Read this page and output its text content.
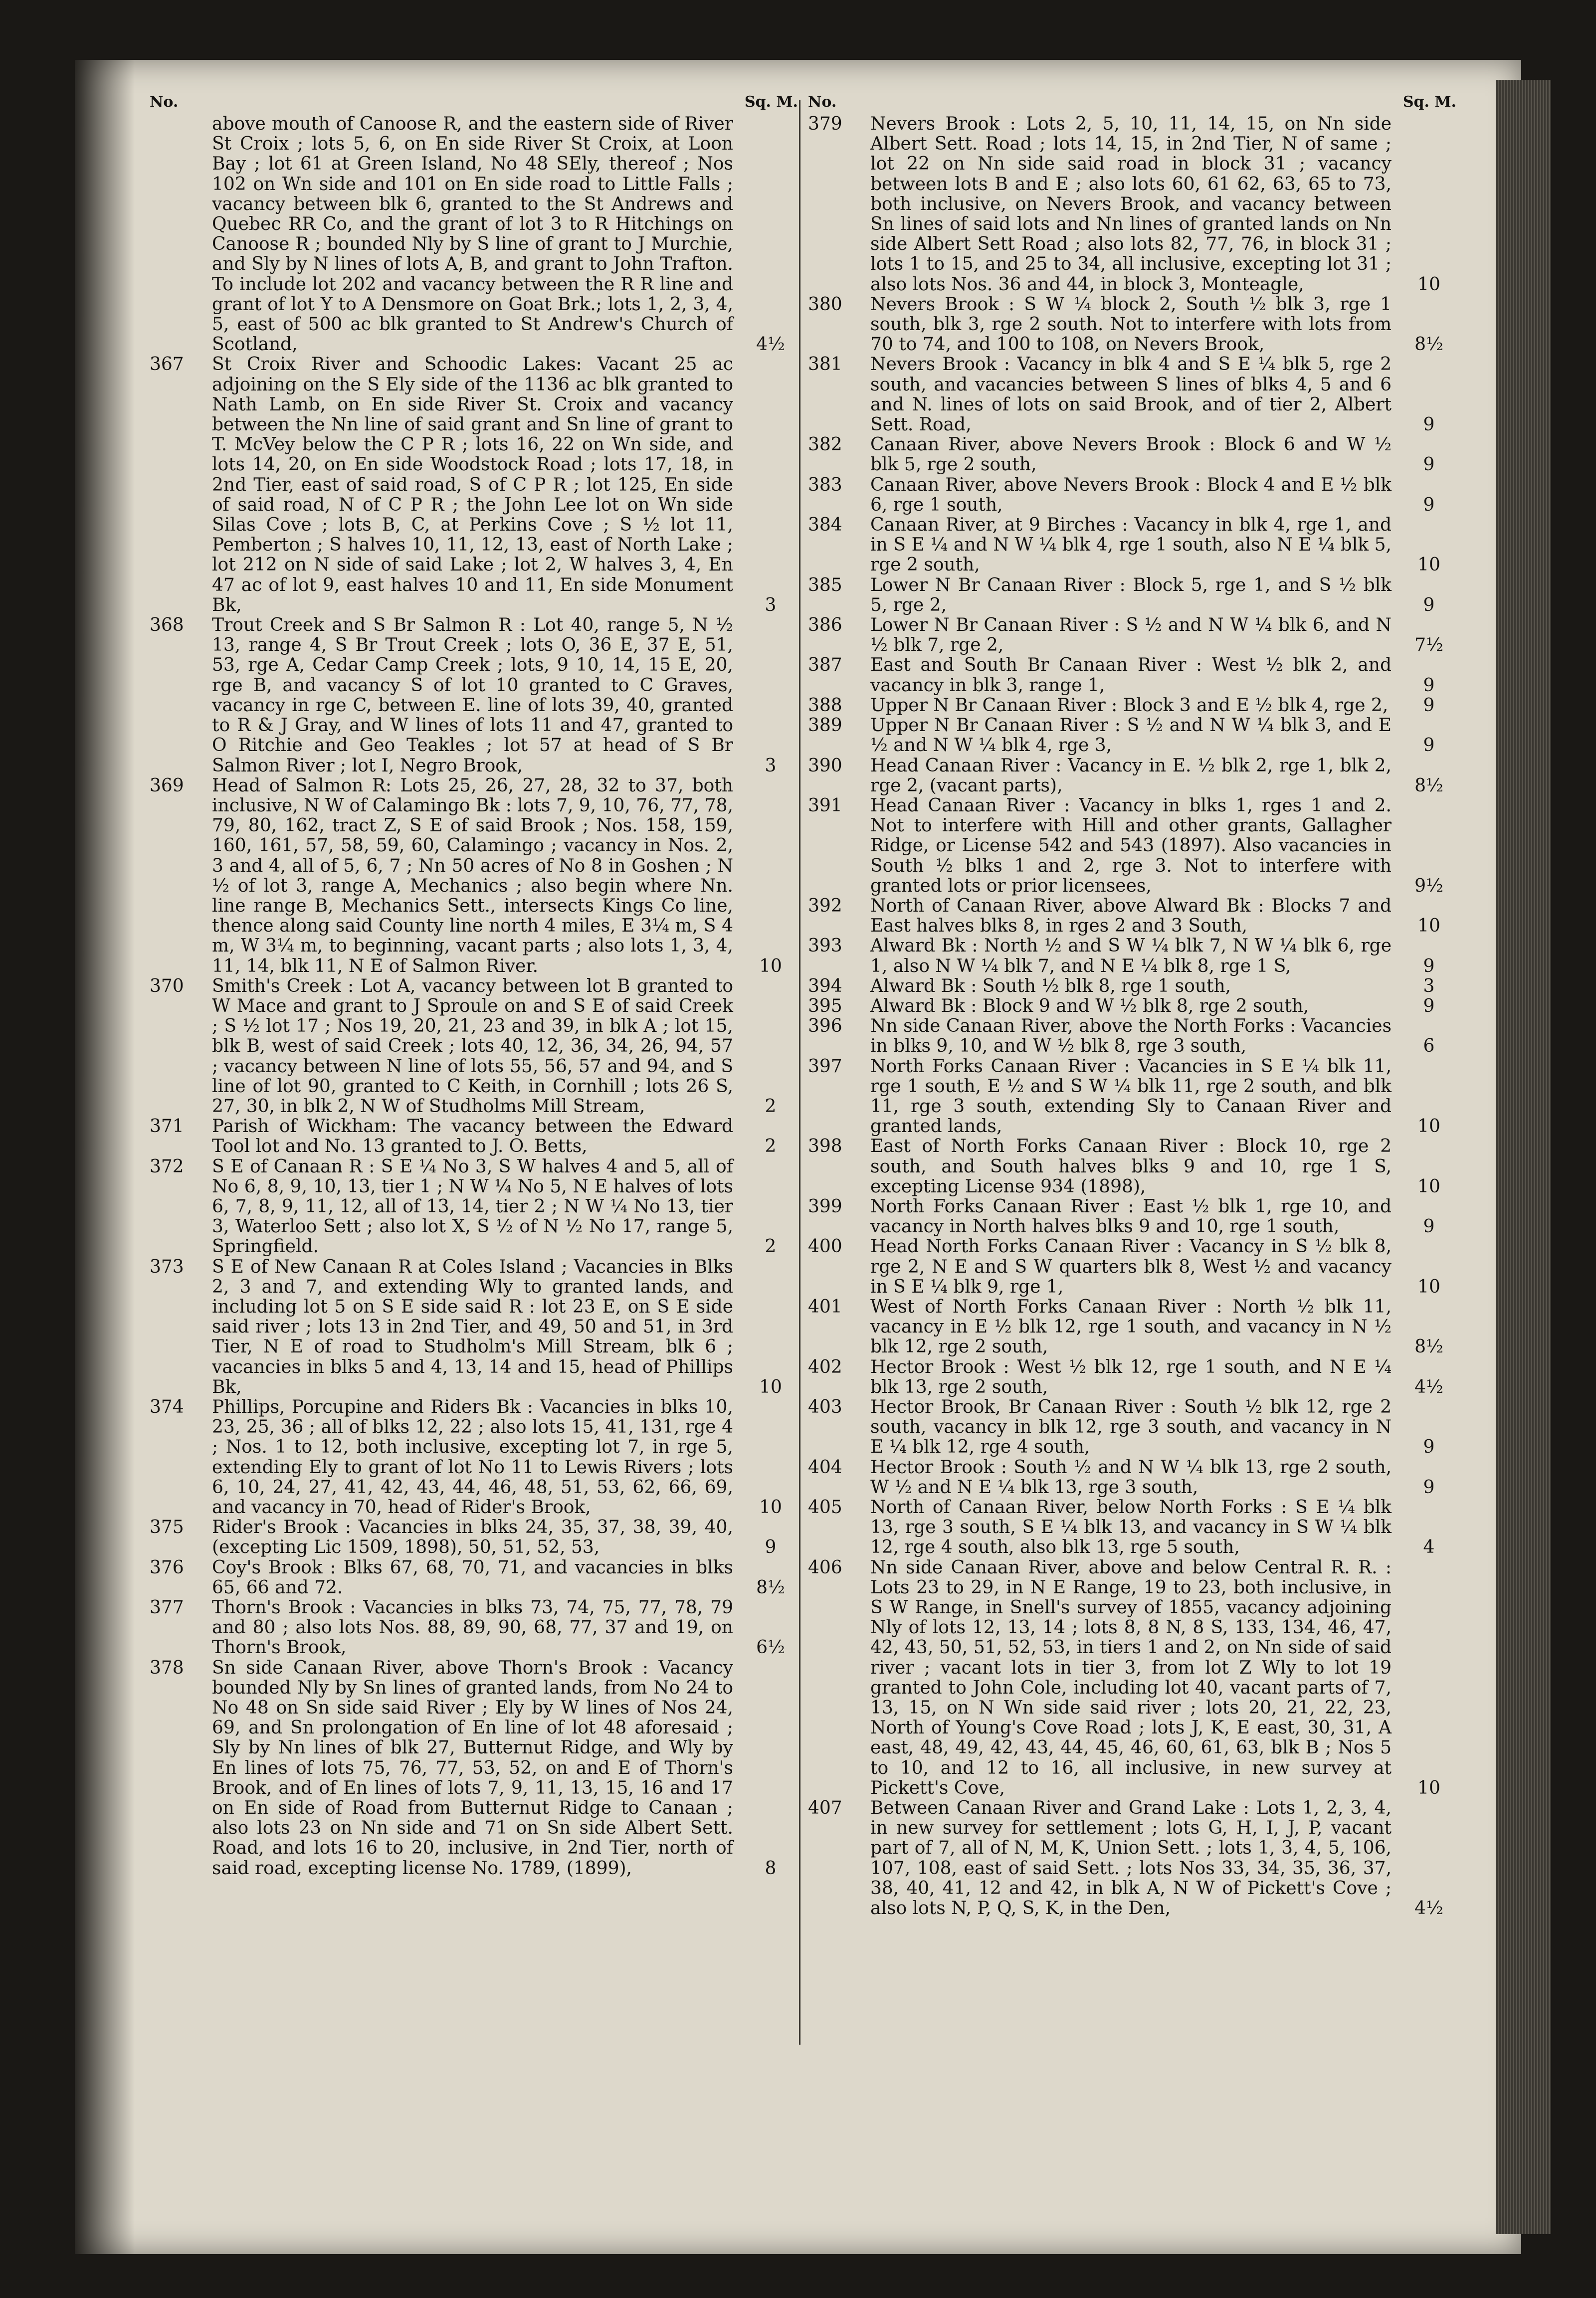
No.	Sq. M.
above mouth of Canoose R, and the eastern side of River St Croix ; lots 5, 6, on En side River St Croix, at Loon Bay ; lot 61 at Green Island, No 48 SEly, thereof ; Nos 102 on Wn side and 101 on En side road to Little Falls ; vacancy between blk 6, granted to the St Andrews and Quebec RR Co, and the grant of lot 3 to R Hitchings on Canoose R ; bounded Nly by S line of grant to J Murchie, and Sly by N lines of lots A, B, and grant to John Trafton. To include lot 202 and vacancy between the R R line and grant of lot Y to A Densmore on Goat Brk.; lots 1, 2, 3, 4, 5, east of 500 ac blk granted to St Andrew's Church of Scotland,	4½
367	St Croix River and Schoodic Lakes: Vacant 25 ac adjoining on the S Ely side of the 1136 ac blk granted to Nath Lamb, on En side River St. Croix and vacancy between the Nn line of said grant and Sn line of grant to T. McVey below the C P R ; lots 16, 22 on Wn side, and lots 14, 20, on En side Woodstock Road ; lots 17, 18, in 2nd Tier, east of said road, S of C P R ; lot 125, En side of said road, N of C P R ; the John Lee lot on Wn side Silas Cove ; lots B, C, at Perkins Cove ; S ½ lot 11, Pemberton ; S halves 10, 11, 12, 13, east of North Lake ; lot 212 on N side of said Lake ; lot 2, W halves 3, 4, En 47 ac of lot 9, east halves 10 and 11, En side Monument Bk,	3
368	Trout Creek and S Br Salmon R : Lot 40, range 5, N ½ 13, range 4, S Br Trout Creek ; lots O, 36 E, 37 E, 51, 53, rge A, Cedar Camp Creek ; lots, 9 10, 14, 15 E, 20, rge B, and vacancy S of lot 10 granted to C Graves, vacancy in rge C, between E. line of lots 39, 40, granted to R & J Gray, and W lines of lots 11 and 47, granted to O Ritchie and Geo Teakles ; lot 57 at head of S Br Salmon River ; lot I, Negro Brook,	3
369	Head of Salmon R: Lots 25, 26, 27, 28, 32 to 37, both inclusive, N W of Calamingo Bk : lots 7, 9, 10, 76, 77, 78, 79, 80, 162, tract Z, S E of said Brook ; Nos. 158, 159, 160, 161, 57, 58, 59, 60, Calamingo ; vacancy in Nos. 2, 3 and 4, all of 5, 6, 7 ; Nn 50 acres of No 8 in Goshen ; N ½ of lot 3, range A, Mechanics ; also begin where Nn. line range B, Mechanics Sett., intersects Kings Co line, thence along said County line north 4 miles, E 3¼ m, S 4 m, W 3¼ m, to beginning, vacant parts ; also lots 1, 3, 4, 11, 14, blk 11, N E of Salmon River.	10
370	Smith's Creek : Lot A, vacancy between lot B granted to W Mace and grant to J Sproule on and S E of said Creek ; S ½ lot 17 ; Nos 19, 20, 21, 23 and 39, in blk A ; lot 15, blk B, west of said Creek ; lots 40, 12, 36, 34, 26, 94, 57 ; vacancy between N line of lots 55, 56, 57 and 94, and S line of lot 90, granted to C Keith, in Cornhill ; lots 26 S, 27, 30, in blk 2, N W of Studholms Mill Stream,	2
371	Parish of Wickham: The vacancy between the Edward Tool lot and No. 13 granted to J. O. Betts,	2
372	S E of Canaan R : S E ¼ No 3, S W halves 4 and 5, all of No 6, 8, 9, 10, 13, tier 1 ; N W ¼ No 5, N E halves of lots 6, 7, 8, 9, 11, 12, all of 13, 14, tier 2 ; N W ¼ No 13, tier 3, Waterloo Sett ; also lot X, S ½ of N ½ No 17, range 5, Springfield.	2
373	S E of New Canaan R at Coles Island ; Vacancies in Blks 2, 3 and 7, and extending Wly to granted lands, and including lot 5 on S E side said R : lot 23 E, on S E side said river ; lots 13 in 2nd Tier, and 49, 50 and 51, in 3rd Tier, N E of road to Studholm's Mill Stream, blk 6 ; vacancies in blks 5 and 4, 13, 14 and 15, head of Phillips Bk,	10
374	Phillips, Porcupine and Riders Bk : Vacancies in blks 10, 23, 25, 36 ; all of blks 12, 22 ; also lots 15, 41, 131, rge 4 ; Nos. 1 to 12, both inclusive, excepting lot 7, in rge 5, extending Ely to grant of lot No 11 to Lewis Rivers ; lots 6, 10, 24, 27, 41, 42, 43, 44, 46, 48, 51, 53, 62, 66, 69, and vacancy in 70, head of Rider's Brook,	10
375	Rider's Brook : Vacancies in blks 24, 35, 37, 38, 39, 40, (excepting Lic 1509, 1898), 50, 51, 52, 53,	9
376	Coy's Brook : Blks 67, 68, 70, 71, and vacancies in blks 65, 66 and 72.	8½
377	Thorn's Brook : Vacancies in blks 73, 74, 75, 77, 78, 79 and 80 ; also lots Nos. 88, 89, 90, 68, 77, 37 and 19, on Thorn's Brook,	6½
378	Sn side Canaan River, above Thorn's Brook : Vacancy bounded Nly by Sn lines of granted lands, from No 24 to No 48 on Sn side said River ; Ely by W lines of Nos 24, 69, and Sn prolongation of En line of lot 48 aforesaid ; Sly by Nn lines of blk 27, Butternut Ridge, and Wly by En lines of lots 75, 76, 77, 53, 52, on and E of Thorn's Brook, and of En lines of lots 7, 9, 11, 13, 15, 16 and 17 on En side of Road from Butternut Ridge to Canaan ; also lots 23 on Nn side and 71 on Sn side Albert Sett. Road, and lots 16 to 20, inclusive, in 2nd Tier, north of said road, excepting license No. 1789, (1899),	8
No.	Sq. M.
379	Nevers Brook : Lots 2, 5, 10, 11, 14, 15, on Nn side Albert Sett. Road ; lots 14, 15, in 2nd Tier, N of same ; lot 22 on Nn side said road in block 31 ; vacancy between lots B and E ; also lots 60, 61 62, 63, 65 to 73, both inclusive, on Nevers Brook, and vacancy between Sn lines of said lots and Nn lines of granted lands on Nn side Albert Sett Road ; also lots 82, 77, 76, in block 31 ; lots 1 to 15, and 25 to 34, all inclusive, excepting lot 31 ; also lots Nos. 36 and 44, in block 3, Monteagle,	10
380	Nevers Brook : S W ¼ block 2, South ½ blk 3, rge 1 south, blk 3, rge 2 south. Not to interfere with lots from 70 to 74, and 100 to 108, on Nevers Brook,	8½
381	Nevers Brook : Vacancy in blk 4 and S E ¼ blk 5, rge 2 south, and vacancies between S lines of blks 4, 5 and 6 and N. lines of lots on said Brook, and of tier 2, Albert Sett. Road,	9
382	Canaan River, above Nevers Brook : Block 6 and W ½ blk 5, rge 2 south,	9
383	Canaan River, above Nevers Brook : Block 4 and E ½ blk 6, rge 1 south,	9
384	Canaan River, at 9 Birches : Vacancy in blk 4, rge 1, and in S E ¼ and N W ¼ blk 4, rge 1 south, also N E ¼ blk 5, rge 2 south,	10
385	Lower N Br Canaan River : Block 5, rge 1, and S ½ blk 5, rge 2,	9
386	Lower N Br Canaan River : S ½ and N W ¼ blk 6, and N ½ blk 7, rge 2,	7½
387	East and South Br Canaan River : West ½ blk 2, and vacancy in blk 3, range 1,	9
388	Upper N Br Canaan River : Block 3 and E ½ blk 4, rge 2,	9
389	Upper N Br Canaan River : S ½ and N W ¼ blk 3, and E ½ and N W ¼ blk 4, rge 3,	9
390	Head Canaan River : Vacancy in E. ½ blk 2, rge 1, blk 2, rge 2, (vacant parts),	8½
391	Head Canaan River : Vacancy in blks 1, rges 1 and 2. Not to interfere with Hill and other grants, Gallagher Ridge, or License 542 and 543 (1897). Also vacancies in South ½ blks 1 and 2, rge 3. Not to interfere with granted lots or prior licensees,	9½
392	North of Canaan River, above Alward Bk : Blocks 7 and East halves blks 8, in rges 2 and 3 South,	10
393	Alward Bk : North ½ and S W ¼ blk 7, N W ¼ blk 6, rge 1, also N W ¼ blk 7, and N E ¼ blk 8, rge 1 S,	9
394	Alward Bk : South ½ blk 8, rge 1 south,	3
395	Alward Bk : Block 9 and W ½ blk 8, rge 2 south,	9
396	Nn side Canaan River, above the North Forks : Vacancies in blks 9, 10, and W ½ blk 8, rge 3 south,	6
397	North Forks Canaan River : Vacancies in S E ¼ blk 11, rge 1 south, E ½ and S W ¼ blk 11, rge 2 south, and blk 11, rge 3 south, extending Sly to Canaan River and granted lands,	10
398	East of North Forks Canaan River : Block 10, rge 2 south, and South halves blks 9 and 10, rge 1 S, excepting License 934 (1898),	10
399	North Forks Canaan River : East ½ blk 1, rge 10, and vacancy in North halves blks 9 and 10, rge 1 south,	9
400	Head North Forks Canaan River : Vacancy in S ½ blk 8, rge 2, N E and S W quarters blk 8, West ½ and vacancy in S E ¼ blk 9, rge 1,	10
401	West of North Forks Canaan River : North ½ blk 11, vacancy in E ½ blk 12, rge 1 south, and vacancy in N ½ blk 12, rge 2 south,	8½
402	Hector Brook : West ½ blk 12, rge 1 south, and N E ¼ blk 13, rge 2 south,	4½
403	Hector Brook, Br Canaan River : South ½ blk 12, rge 2 south, vacancy in blk 12, rge 3 south, and vacancy in N E ¼ blk 12, rge 4 south,	9
404	Hector Brook : South ½ and N W ¼ blk 13, rge 2 south, W ½ and N E ¼ blk 13, rge 3 south,	9
405	North of Canaan River, below North Forks : S E ¼ blk 13, rge 3 south, S E ¼ blk 13, and vacancy in S W ¼ blk 12, rge 4 south, also blk 13, rge 5 south,	4
406	Nn side Canaan River, above and below Central R. R. : Lots 23 to 29, in N E Range, 19 to 23, both inclusive, in S W Range, in Snell's survey of 1855, vacancy adjoining Nly of lots 12, 13, 14 ; lots 8, 8 N, 8 S, 133, 134, 46, 47, 42, 43, 50, 51, 52, 53, in tiers 1 and 2, on Nn side of said river ; vacant lots in tier 3, from lot Z Wly to lot 19 granted to John Cole, including lot 40, vacant parts of 7, 13, 15, on N Wn side said river ; lots 20, 21, 22, 23, North of Young's Cove Road ; lots J, K, E east, 30, 31, A east, 48, 49, 42, 43, 44, 45, 46, 60, 61, 63, blk B ; Nos 5 to 10, and 12 to 16, all inclusive, in new survey at Pickett's Cove,	10
407	Between Canaan River and Grand Lake : Lots 1, 2, 3, 4, in new survey for settlement ; lots G, H, I, J, P, vacant part of 7, all of N, M, K, Union Sett. ; lots 1, 3, 4, 5, 106, 107, 108, east of said Sett. ; lots Nos 33, 34, 35, 36, 37, 38, 40, 41, 12 and 42, in blk A, N W of Pickett's Cove ; also lots N, P, Q, S, K, in the Den,	4½
